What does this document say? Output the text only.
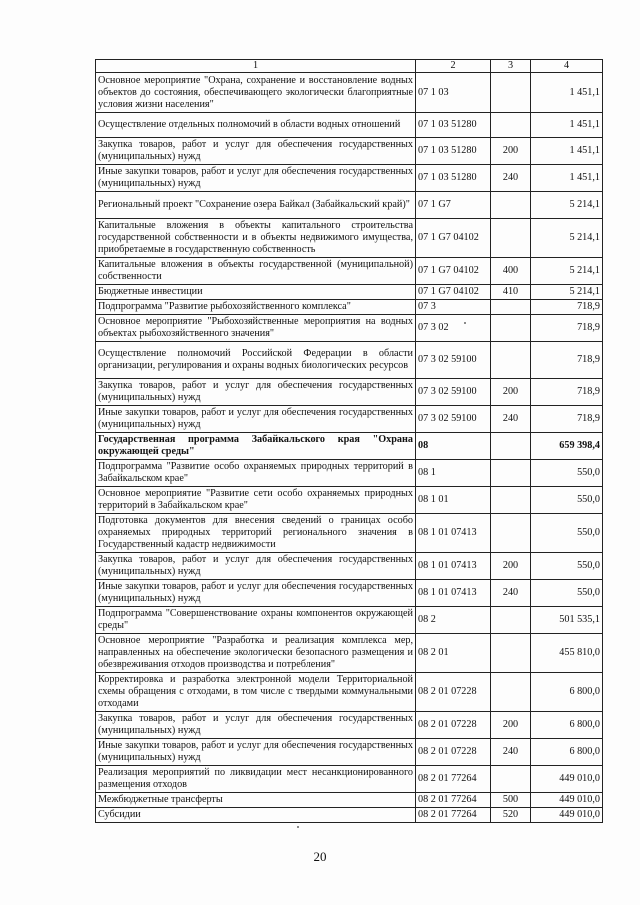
1	2	3	4
Основное мероприятие "Охрана, сохранение и восстановление водных объектов до состояния, обеспечивающего экологически благоприятные условия жизни населения"	07 1 03		1 451,1
Осуществление отдельных полномочий в области водных отношений	07 1 03 51280		1 451,1
Закупка товаров, работ и услуг для обеспечения государственных (муниципальных) нужд	07 1 03 51280	200	1 451,1
Иные закупки товаров, работ и услуг для обеспечения государственных (муниципальных) нужд	07 1 03 51280	240	1 451,1
Региональный проект "Сохранение озера Байкал (Забайкальский край)"	07 1 G7		5 214,1
Капитальные вложения в объекты капитального строительства государственной собственности и в объекты недвижимого имущества, приобретаемые в государственную собственность	07 1 G7 04102		5 214,1
Капитальные вложения в объекты государственной (муниципальной) собственности	07 1 G7 04102	400	5 214,1
Бюджетные инвестиции	07 1 G7 04102	410	5 214,1
Подпрограмма "Развитие рыбохозяйственного комплекса"	07 3		718,9
Основное мероприятие "Рыбохозяйственные мероприятия на водных объектах рыбохозяйственного значения"	07 3 02		718,9
Осуществление полномочий Российской Федерации в области организации, регулирования и охраны водных биологических ресурсов	07 3 02 59100		718,9
Закупка товаров, работ и услуг для обеспечения государственных (муниципальных) нужд	07 3 02 59100	200	718,9
Иные закупки товаров, работ и услуг для обеспечения государственных (муниципальных) нужд	07 3 02 59100	240	718,9
Государственная программа Забайкальского края "Охрана окружающей среды"	08		659 398,4
Подпрограмма "Развитие особо охраняемых природных территорий в Забайкальском крае"	08 1		550,0
Основное мероприятие "Развитие сети особо охраняемых природных территорий в Забайкальском крае"	08 1 01		550,0
Подготовка документов для внесения сведений о границах особо охраняемых природных территорий регионального значения в Государственный кадастр недвижимости	08 1 01 07413		550,0
Закупка товаров, работ и услуг для обеспечения государственных (муниципальных) нужд	08 1 01 07413	200	550,0
Иные закупки товаров, работ и услуг для обеспечения государственных (муниципальных) нужд	08 1 01 07413	240	550,0
Подпрограмма "Совершенствование охраны компонентов окружающей среды"	08 2		501 535,1
Основное мероприятие "Разработка и реализация комплекса мер, направленных на обеспечение экологически безопасного размещения и обезвреживания отходов производства и потребления"	08 2 01		455 810,0
Корректировка и разработка электронной модели Территориальной схемы обращения с отходами, в том числе с твердыми коммунальными отходами	08 2 01 07228		6 800,0
Закупка товаров, работ и услуг для обеспечения государственных (муниципальных) нужд	08 2 01 07228	200	6 800,0
Иные закупки товаров, работ и услуг для обеспечения государственных (муниципальных) нужд	08 2 01 07228	240	6 800,0
Реализация мероприятий по ликвидации мест несанкционированного размещения отходов	08 2 01 77264		449 010,0
Межбюджетные трансферты	08 2 01 77264	500	449 010,0
Субсидии	08 2 01 77264	520	449 010,0
20
